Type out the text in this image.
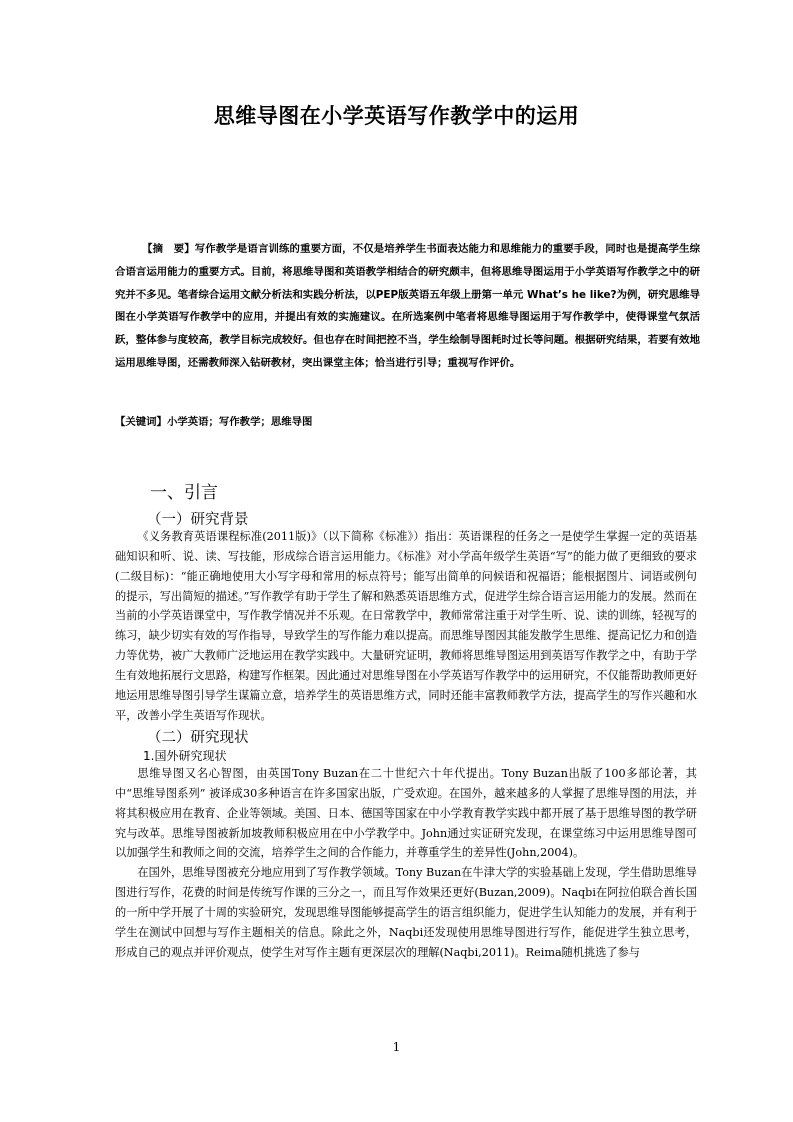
思维导图在小学英语写作教学中的运用
【摘　要】写作教学是语言训练的重要方面，不仅是培养学生书面表达能力和思维能力的重要手段，同时也是提高学生综合语言运用能力的重要方式。目前，将思维导图和英语教学相结合的研究颇丰，但将思维导图运用于小学英语写作教学之中的研究并不多见。笔者综合运用文献分析法和实践分析法，以PEP版英语五年级上册第一单元 What’s he like?为例，研究思维导图在小学英语写作教学中的应用，并提出有效的实施建议。在所选案例中笔者将思维导图运用于写作教学中，使得课堂气氛活跃，整体参与度较高，教学目标完成较好。但也存在时间把控不当，学生绘制导图耗时过长等问题。根据研究结果，若要有效地运用思维导图，还需教师深入钻研教材，突出课堂主体；恰当进行引导；重视写作评价。
【关键词】小学英语；写作教学；思维导图
一、引言
（一）研究背景

《义务教育英语课程标准(2011版)》（以下简称《标准》）指出：英语课程的任务之一是使学生掌握一定的英语基础知识和听、说、读、写技能，形成综合语言运用能力。《标准》对小学高年级学生英语“写”的能力做了更细致的要求(二级目标)：“能正确地使用大小写字母和常用的标点符号；能写出简单的问候语和祝福语；能根据图片、词语或例句的提示，写出简短的描述。”写作教学有助于学生了解和熟悉英语思维方式，促进学生综合语言运用能力的发展。然而在当前的小学英语课堂中，写作教学情况并不乐观。在日常教学中，教师常常注重于对学生听、说、读的训练，轻视写的练习，缺少切实有效的写作指导，导致学生的写作能力难以提高。而思维导图因其能发散学生思维、提高记忆力和创造力等优势，被广大教师广泛地运用在教学实践中。大量研究证明，教师将思维导图运用到英语写作教学之中，有助于学生有效地拓展行文思路，构建写作框架。因此通过对思维导图在小学英语写作教学中的运用研究，不仅能帮助教师更好地运用思维导图引导学生谋篇立意，培养学生的英语思维方式，同时还能丰富教师教学方法，提高学生的写作兴趣和水平，改善小学生英语写作现状。

（二）研究现状
1.国外研究现状

思维导图又名心智图，由英国Tony Buzan在二十世纪六十年代提出。Tony Buzan出版了100多部论著，其中“思维导图系列” 被译成30多种语言在许多国家出版，广受欢迎。在国外，越来越多的人掌握了思维导图的用法，并将其积极应用在教育、企业等领域。美国、日本、德国等国家在中小学教育教学实践中都开展了基于思维导图的教学研究与改革。思维导图被新加坡教师积极应用在中小学教学中。John通过实证研究发现，在课堂练习中运用思维导图可以加强学生和教师之间的交流，培养学生之间的合作能力，并尊重学生的差异性(John,2004)。

在国外，思维导图被充分地应用到了写作教学领域。Tony Buzan在牛津大学的实验基础上发现，学生借助思维导图进行写作，花费的时间是传统写作课的三分之一，而且写作效果还更好(Buzan,2009)。Naqbi在阿拉伯联合酋长国的一所中学开展了十周的实验研究，发现思维导图能够提高学生的语言组织能力，促进学生认知能力的发展，并有利于学生在测试中回想与写作主题相关的信息。除此之外，Naqbi还发现使用思维导图进行写作，能促进学生独立思考，形成自己的观点并评价观点，使学生对写作主题有更深层次的理解(Naqbi,2011)。Reima随机挑选了参与

1
